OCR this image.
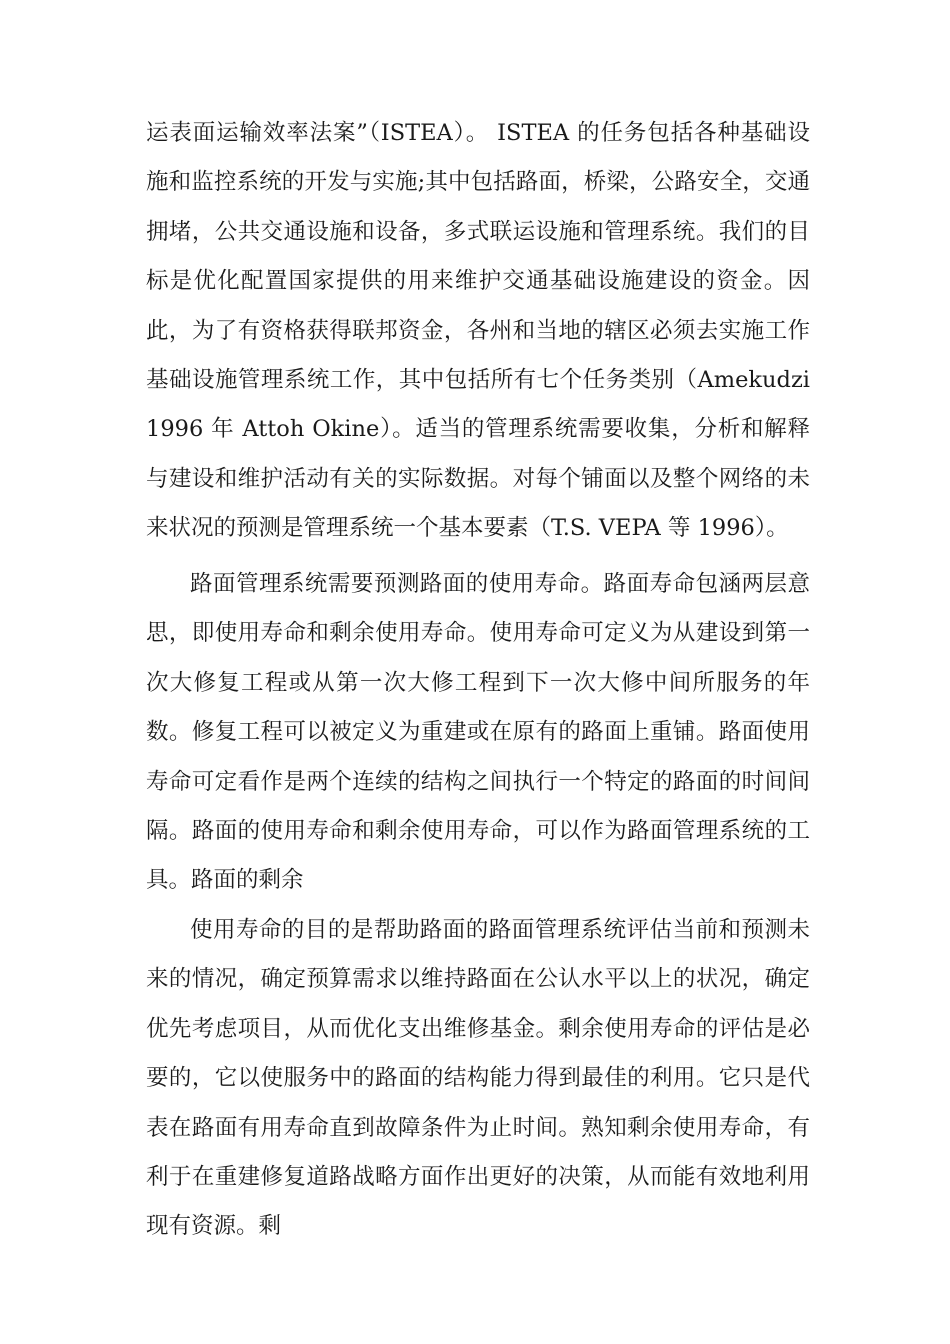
运表面运输效率法案”（ISTEA）。 ISTEA 的任务包括各种基础设施和监控系统的开发与实施;其中包括路面，桥梁，公路安全，交通拥堵，公共交通设施和设备，多式联运设施和管理系统。我们的目标是优化配置国家提供的用来维护交通基础设施建设的资金。因此，为了有资格获得联邦资金，各州和当地的辖区必须去实施工作基础设施管理系统工作，其中包括所有七个任务类别（Amekudzi1996 年 Attoh Okine）。适当的管理系统需要收集，分析和解释与建设和维护活动有关的实际数据。对每个铺面以及整个网络的未来状况的预测是管理系统一个基本要素（T.S. VEPA 等 1996）。

路面管理系统需要预测路面的使用寿命。路面寿命包涵两层意思，即使用寿命和剩余使用寿命。使用寿命可定义为从建设到第一次大修复工程或从第一次大修工程到下一次大修中间所服务的年数。修复工程可以被定义为重建或在原有的路面上重铺。路面使用寿命可定看作是两个连续的结构之间执行一个特定的路面的时间间隔。路面的使用寿命和剩余使用寿命，可以作为路面管理系统的工具。路面的剩余

使用寿命的目的是帮助路面的路面管理系统评估当前和预测未来的情况，确定预算需求以维持路面在公认水平以上的状况，确定优先考虑项目，从而优化支出维修基金。剩余使用寿命的评估是必要的，它以使服务中的路面的结构能力得到最佳的利用。它只是代表在路面有用寿命直到故障条件为止时间。熟知剩余使用寿命，有利于在重建修复道路战略方面作出更好的决策，从而能有效地利用现有资源。剩
